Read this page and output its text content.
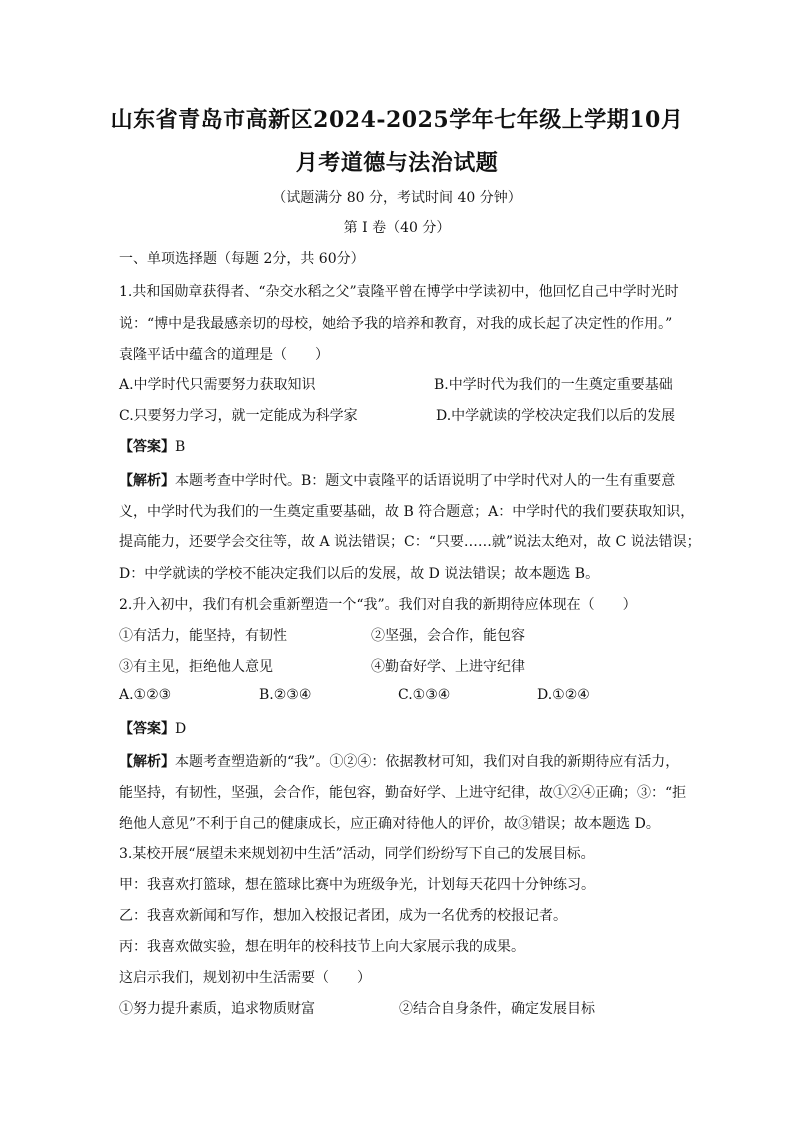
山东省青岛市高新区2024-2025学年七年级上学期10月
月考道德与法治试题
（试题满分 80 分，考试时间 40 分钟）
第 I 卷（40 分）
一、单项选择题（每题 2分，共 60分）
1.共和国勋章获得者、“杂交水稻之父”袁隆平曾在博学中学读初中，他回忆自己中学时光时
说：“博中是我最感亲切的母校，她给予我的培养和教育，对我的成长起了决定性的作用。”
袁隆平话中蕴含的道理是（　　）
A.中学时代只需要努力获取知识	B.中学时代为我们的一生奠定重要基础
C.只要努力学习，就一定能成为科学家	D.中学就读的学校决定我们以后的发展
【答案】B
【解析】本题考查中学时代。B：题文中袁隆平的话语说明了中学时代对人的一生有重要意
义，中学时代为我们的一生奠定重要基础，故 B 符合题意；A：中学时代的我们要获取知识，
提高能力，还要学会交往等，故 A 说法错误；C：“只要……就”说法太绝对，故 C 说法错误；
D：中学就读的学校不能决定我们以后的发展，故 D 说法错误；故本题选 B。
2.升入初中，我们有机会重新塑造一个“我”。我们对自我的新期待应体现在（　　）
①有活力，能坚持，有韧性	②坚强，会合作，能包容
③有主见，拒绝他人意见	④勤奋好学、上进守纪律
A.①②③	B.②③④	C.①③④	D.①②④
【答案】D
【解析】本题考查塑造新的“我”。①②④：依据教材可知，我们对自我的新期待应有活力，
能坚持，有韧性，坚强，会合作，能包容，勤奋好学、上进守纪律，故①②④正确；③：“拒
绝他人意见”不利于自己的健康成长，应正确对待他人的评价，故③错误；故本题选 D。
3.某校开展“展望未来规划初中生活”活动，同学们纷纷写下自己的发展目标。
甲：我喜欢打篮球，想在篮球比赛中为班级争光，计划每天花四十分钟练习。
乙：我喜欢新闻和写作，想加入校报记者团，成为一名优秀的校报记者。
丙：我喜欢做实验，想在明年的校科技节上向大家展示我的成果。
这启示我们，规划初中生活需要（　　）
①努力提升素质，追求物质财富	②结合自身条件，确定发展目标
